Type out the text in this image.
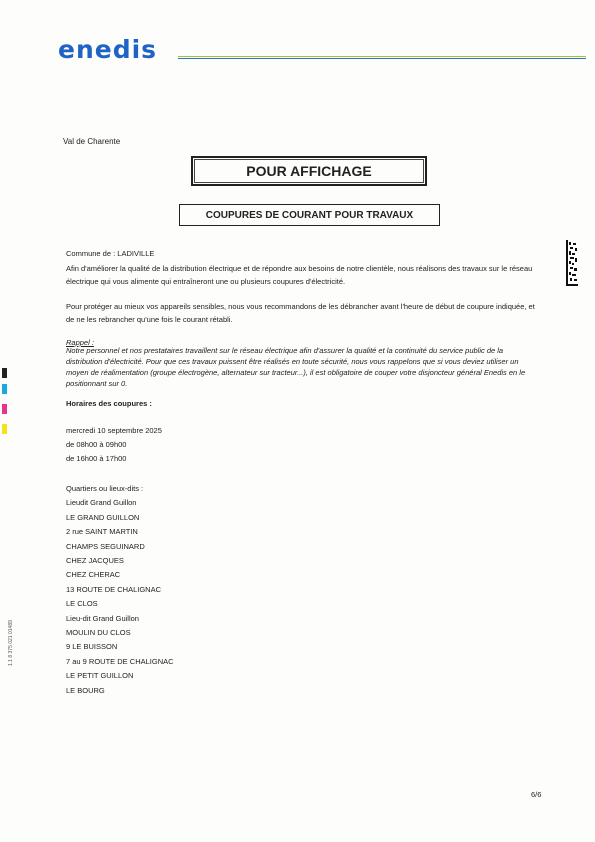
enedis
Val de Charente
POUR AFFICHAGE
COUPURES DE COURANT POUR TRAVAUX
Commune de : LADIVILLE
Afin d'améliorer la qualité de la distribution électrique et de répondre aux besoins de notre clientèle, nous réalisons des travaux sur le réseau électrique qui vous alimente qui entraîneront une ou plusieurs coupures d'électricité.
Pour protéger au mieux vos appareils sensibles, nous vous recommandons de les débrancher avant l'heure de début de coupure indiquée, et de ne les rebrancher qu'une fois le courant rétabli.
Rappel :
Notre personnel et nos prestataires travaillent sur le réseau électrique afin d'assurer la qualité et la continuité du service public de la distribution d'électricité. Pour que ces travaux puissent être réalisés en toute sécurité, nous vous rappelons que si vous deviez utiliser un moyen de réalimentation (groupe électrogène, alternateur sur tracteur...), il est obligatoire de couper votre disjoncteur général Enedis en le positionnant sur 0.
Horaires des coupures :
mercredi 10 septembre 2025
de 08h00 à 09h00
de 16h00 à 17h00
Quartiers ou lieux-dits :
Lieudit Grand Guillon
LE GRAND GUILLON
2 rue SAINT MARTIN
CHAMPS SEGUINARD
CHEZ JACQUES
CHEZ CHERAC
13 ROUTE DE CHALIGNAC
LE CLOS
Lieu-dit Grand Guillon
MOULIN DU CLOS
9 LE BUISSON
7 au 9 ROUTE DE CHALIGNAC
LE PETIT GUILLON
LE BOURG
6/6
1.1 8 375 021 01489
